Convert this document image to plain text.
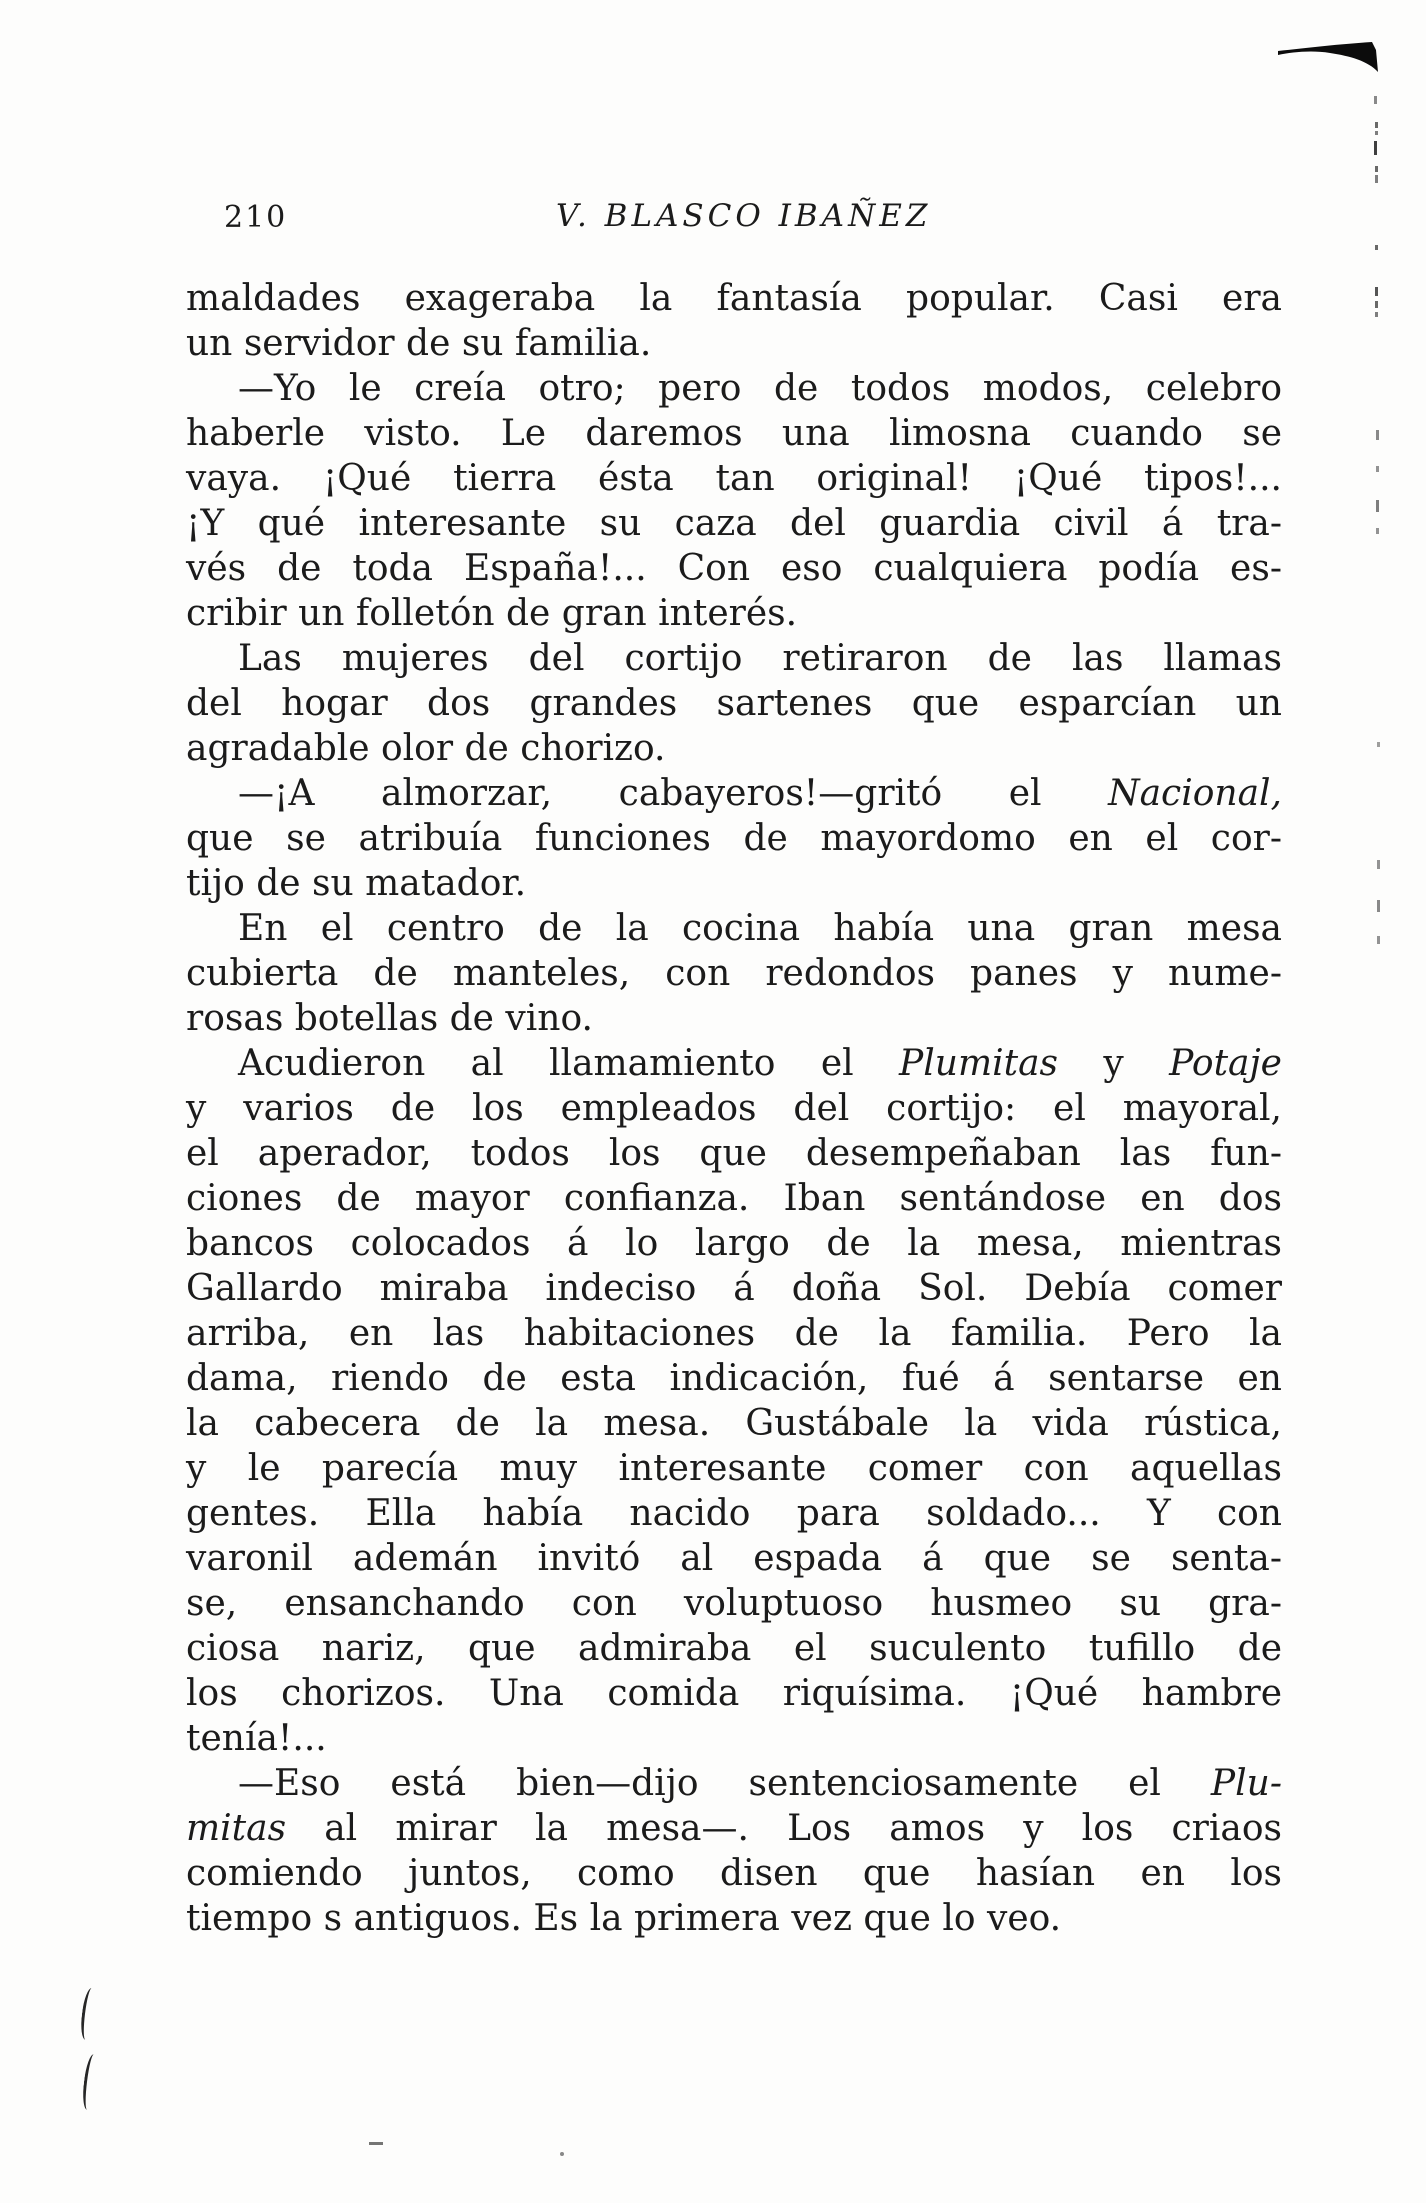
210	V. BLASCO IBAÑEZ
maldades exageraba la fantasía popular. Casi era
un servidor de su familia.
—Yo le creía otro; pero de todos modos, celebro
haberle visto. Le daremos una limosna cuando se
vaya. ¡Qué tierra ésta tan original! ¡Qué tipos!...
¡Y qué interesante su caza del guardia civil á tra-
vés de toda España!... Con eso cualquiera podía es-
cribir un folletón de gran interés.
Las mujeres del cortijo retiraron de las llamas
del hogar dos grandes sartenes que esparcían un
agradable olor de chorizo.
—¡A almorzar, cabayeros!—gritó el Nacional,
que se atribuía funciones de mayordomo en el cor-
tijo de su matador.
En el centro de la cocina había una gran mesa
cubierta de manteles, con redondos panes y nume-
rosas botellas de vino.
Acudieron al llamamiento el Plumitas y Potaje
y varios de los empleados del cortijo: el mayoral,
el aperador, todos los que desempeñaban las fun-
ciones de mayor confianza. Iban sentándose en dos
bancos colocados á lo largo de la mesa, mientras
Gallardo miraba indeciso á doña Sol. Debía comer
arriba, en las habitaciones de la familia. Pero la
dama, riendo de esta indicación, fué á sentarse en
la cabecera de la mesa. Gustábale la vida rústica,
y le parecía muy interesante comer con aquellas
gentes. Ella había nacido para soldado... Y con
varonil ademán invitó al espada á que se senta-
se, ensanchando con voluptuoso husmeo su gra-
ciosa nariz, que admiraba el suculento tufillo de
los chorizos. Una comida riquísima. ¡Qué hambre
tenía!...
—Eso está bien—dijo sentenciosamente el Plu-
mitas al mirar la mesa—. Los amos y los criaos
comiendo juntos, como disen que hasían en los
tiempo s antiguos. Es la primera vez que lo veo.
